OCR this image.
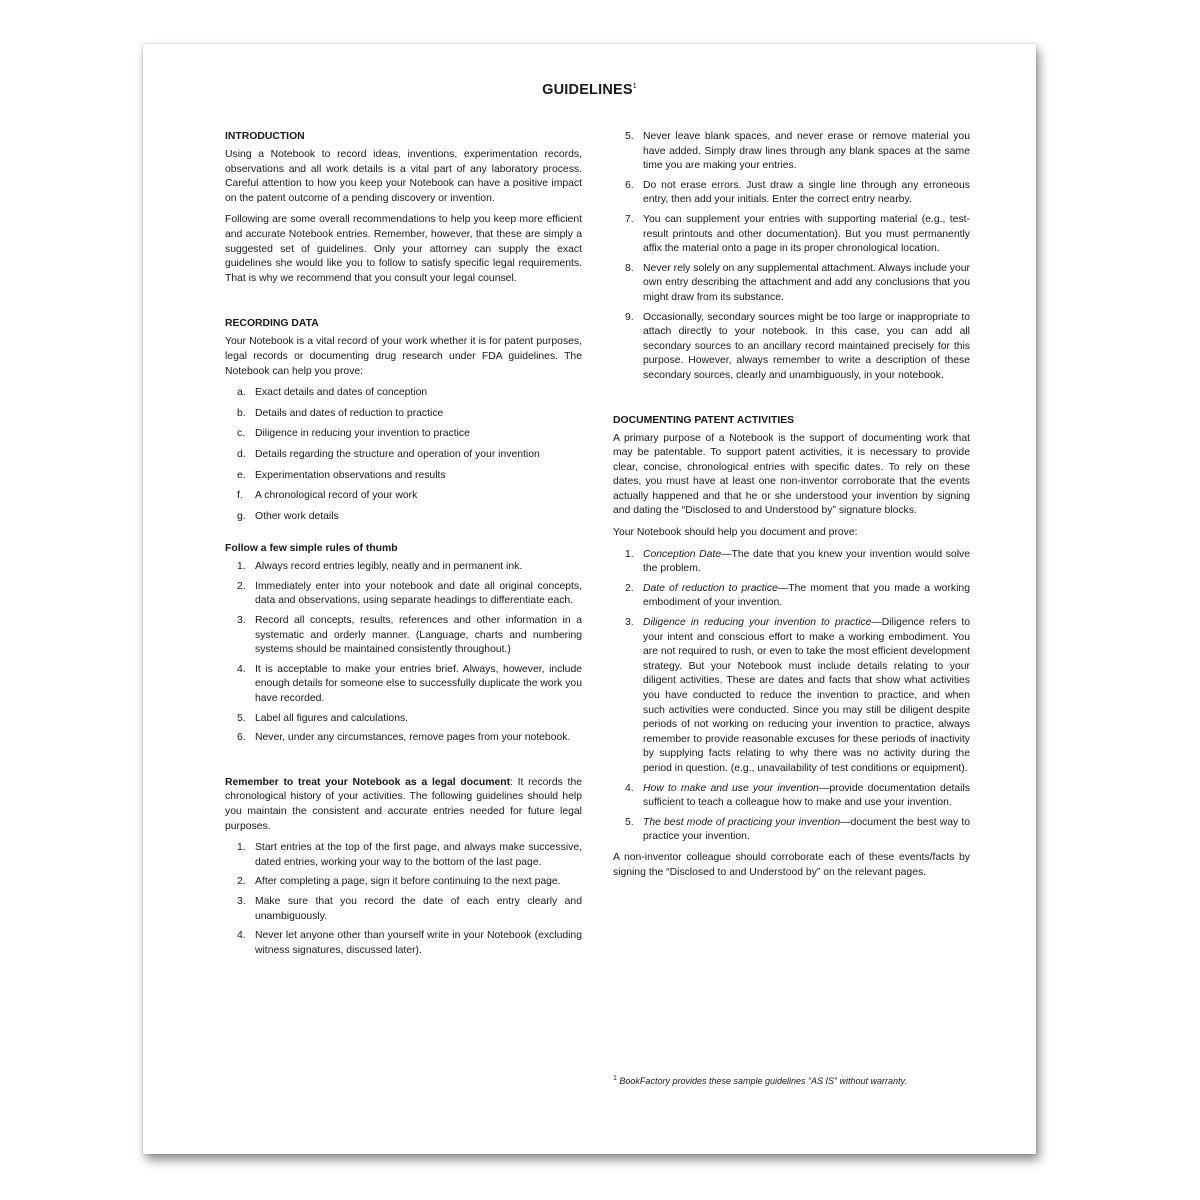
GUIDELINES$^1$
INTRODUCTION

Using a Notebook to record ideas, inventions, experimentation records, observations and all work details is a vital part of any laboratory process. Careful attention to how you keep your Notebook can have a positive impact on the patent outcome of a pending discovery or invention.

Following are some overall recommendations to help you keep more efficient and accurate Notebook entries. Remember, however, that these are simply a suggested set of guidelines. Only your attorney can supply the exact guidelines she would like you to follow to satisfy specific legal requirements. That is why we recommend that you consult your legal counsel.

RECORDING DATA

Your Notebook is a vital record of your work whether it is for patent purposes, legal records or documenting drug research under FDA guidelines. The Notebook can help you prove:

a. Exact details and dates of conception
b. Details and dates of reduction to practice
c. Diligence in reducing your invention to practice
d. Details regarding the structure and operation of your invention
e. Experimentation observations and results
f. A chronological record of your work
g. Other work details
Follow a few simple rules of thumb
1. Always record entries legibly, neatly and in permanent ink.
2. Immediately enter into your notebook and date all original concepts, data and observations, using separate headings to differentiate each.
3. Record all concepts, results, references and other information in a systematic and orderly manner. (Language, charts and numbering systems should be maintained consistently throughout.)
4. It is acceptable to make your entries brief. Always, however, include enough details for someone else to successfully duplicate the work you have recorded.
5. Label all figures and calculations.
6. Never, under any circumstances, remove pages from your notebook.

Remember to treat your Notebook as a legal document: It records the chronological history of your activities. The following guidelines should help you maintain the consistent and accurate entries needed for future legal purposes.

1. Start entries at the top of the first page, and always make successive, dated entries, working your way to the bottom of the last page.
2. After completing a page, sign it before continuing to the next page.
3. Make sure that you record the date of each entry clearly and unambiguously.
4. Never let anyone other than yourself write in your Notebook (excluding witness signatures, discussed later).
5. Never leave blank spaces, and never erase or remove material you have added. Simply draw lines through any blank spaces at the same time you are making your entries.
6. Do not erase errors. Just draw a single line through any erroneous entry, then add your initials. Enter the correct entry nearby.
7. You can supplement your entries with supporting material (e.g., test-result printouts and other documentation). But you must permanently affix the material onto a page in its proper chronological location.
8. Never rely solely on any supplemental attachment. Always include your own entry describing the attachment and add any conclusions that you might draw from its substance.
9. Occasionally, secondary sources might be too large or inappropriate to attach directly to your notebook. In this case, you can add all secondary sources to an ancillary record maintained precisely for this purpose. However, always remember to write a description of these secondary sources, clearly and unambiguously, in your notebook.
DOCUMENTING PATENT ACTIVITIES

A primary purpose of a Notebook is the support of documenting work that may be patentable. To support patent activities, it is necessary to provide clear, concise, chronological entries with specific dates. To rely on these dates, you must have at least one non-inventor corroborate that the events actually happened and that he or she understood your invention by signing and dating the “Disclosed to and Understood by” signature blocks.

Your Notebook should help you document and prove:

1. Conception Date—The date that you knew your invention would solve the problem.
2. Date of reduction to practice—The moment that you made a working embodiment of your invention.
3. Diligence in reducing your invention to practice—Diligence refers to your intent and conscious effort to make a working embodiment. You are not required to rush, or even to take the most efficient development strategy. But your Notebook must include details relating to your diligent activities. These are dates and facts that show what activities you have conducted to reduce the invention to practice, and when such activities were conducted. Since you may still be diligent despite periods of not working on reducing your invention to practice, always remember to provide reasonable excuses for these periods of inactivity by supplying facts relating to why there was no activity during the period in question. (e.g., unavailability of test conditions or equipment).
4. How to make and use your invention—provide documentation details sufficient to teach a colleague how to make and use your invention.
5. The best mode of practicing your invention—document the best way to practice your invention.

A non-inventor colleague should corroborate each of these events/facts by signing the “Disclosed to and Understood by” on the relevant pages.

$^1$ BookFactory provides these sample guidelines “AS IS” without warranty.
